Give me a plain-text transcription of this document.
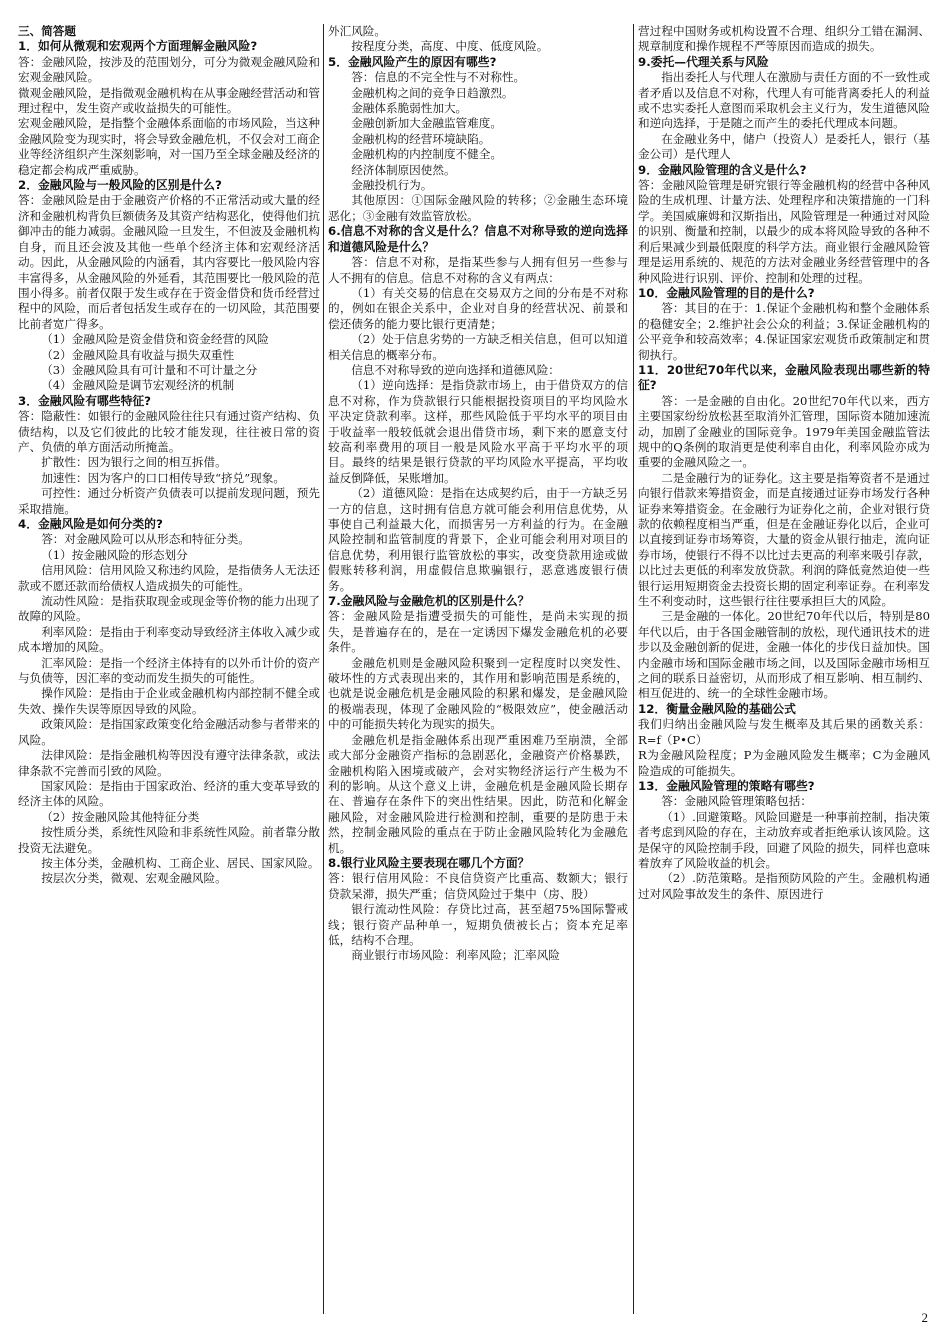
三、简答题

1．如何从微观和宏观两个方面理解金融风险?

答：金融风险，按涉及的范围划分，可分为微观金融风险和宏观金融风险。

微观金融风险，是指微观金融机构在从事金融经营活动和管理过程中，发生资产或收益损失的可能性。

宏观金融风险，是指整个金融体系面临的市场风险，当这种金融风险变为现实时，将会导致金融危机，不仅会对工商企业等经济组织产生深刻影响，对一国乃至全球金融及经济的稳定都会构成严重威胁。

2．金融风险与一般风险的区别是什么?

答：金融风险是由于金融资产价格的不正常活动或大量的经济和金融机构背负巨额债务及其资产结构恶化，使得他们抗御冲击的能力减弱。金融风险一旦发生，不但波及金融机构自身，而且还会波及其他一些单个经济主体和宏观经济活动。因此，从金融风险的内涵看，其内容要比一般风险内容丰富得多，从金融风险的外延看，其范围要比一般风险的范围小得多。前者仅限于发生或存在于资金借贷和货币经营过程中的风险，而后者包括发生或存在的一切风险，其范围要比前者宽广得多。

（1）金融风险是资金借贷和资金经营的风险

（2）金融风险具有收益与损失双重性

（3）金融风险具有可计量和不可计量之分

（4）金融风险是调节宏观经济的机制

3．金融风险有哪些特征?

答：隐蔽性：如银行的金融风险往往只有通过资产结构、负债结构，以及它们彼此的比较才能发现，往往被日常的资产、负债的单方面活动所掩盖。

扩散性：因为银行之间的相互拆借。

加速性：因为客户的口口相传导致“挤兑”现象。

可控性：通过分析资产负债表可以提前发现问题，预先采取措施。

4．金融风险是如何分类的?

答：对金融风险可以从形态和特征分类。

（1）按金融风险的形态划分

信用风险：信用风险又称违约风险，是指债务人无法还款或不愿还款而给债权人造成损失的可能性。

流动性风险：是指获取现金或现金等价物的能力出现了故障的风险。

利率风险：是指由于利率变动导致经济主体收入减少或成本增加的风险。

汇率风险：是指一个经济主体持有的以外币计价的资产与负债等，因汇率的变动而发生损失的可能性。

操作风险：是指由于企业或金融机构内部控制不健全或失效、操作失误等原因导致的风险。

政策风险：是指国家政策变化给金融活动参与者带来的风险。

法律风险：是指金融机构等因没有遵守法律条款，或法律条款不完善而引致的风险。

国家风险：是指由于国家政治、经济的重大变革导致的经济主体的风险。

（2）按金融风险其他特征分类

按性质分类，系统性风险和非系统性风险。前者靠分散投资无法避免。

按主体分类，金融机构、工商企业、居民、国家风险。

按层次分类，微观、宏观金融风险。

外汇风险。

按程度分类，高度、中度、低度风险。

5．金融风险产生的原因有哪些?

答：信息的不完全性与不对称性。

金融机构之间的竞争日趋激烈。

金融体系脆弱性加大。

金融创新加大金融监管难度。

金融机构的经营环境缺陷。

金融机构的内控制度不健全。

经济体制原因使然。

金融投机行为。

其他原因：①国际金融风险的转移；②金融生态环境恶化；③金融有效监管放松。

6.信息不对称的含义是什么？信息不对称导致的逆向选择和道德风险是什么？

答：信息不对称，是指某些参与人拥有但另一些参与人不拥有的信息。信息不对称的含义有两点：

（1）有关交易的信息在交易双方之间的分布是不对称的，例如在银企关系中，企业对自身的经营状况、前景和偿还债务的能力要比银行更清楚；

（2）处于信息劣势的一方缺乏相关信息，但可以知道相关信息的概率分布。

信息不对称导致的逆向选择和道德风险：

（1）逆向选择：是指贷款市场上，由于借贷双方的信息不对称，作为贷款银行只能根据投资项目的平均风险水平决定贷款利率。这样，那些风险低于平均水平的项目由于收益率一般较低就会退出借贷市场，剩下来的愿意支付较高利率费用的项目一般是风险水平高于平均水平的项目。最终的结果是银行贷款的平均风险水平提高，平均收益反倒降低，呆账增加。

（2）道德风险：是指在达成契约后，由于一方缺乏另一方的信息，这时拥有信息方就可能会利用信息优势，从事使自己利益最大化，而损害另一方利益的行为。在金融风险控制和监管制度的背景下，企业可能会利用对项目的信息优势，利用银行监管放松的事实，改变贷款用途或做假账转移利润，用虚假信息欺骗银行，恶意逃废银行债务。

7.金融风险与金融危机的区别是什么？

答：金融风险是指遭受损失的可能性，是尚未实现的损失，是普遍存在的，是在一定诱因下爆发金融危机的必要条件。

金融危机则是金融风险积聚到一定程度时以突发性、破坏性的方式表现出来的，其作用和影响范围是系统的，也就是说金融危机是金融风险的积累和爆发，是金融风险的极端表现，体现了金融风险的“极限效应”，使金融活动中的可能损失转化为现实的损失。

金融危机是指金融体系出现严重困难乃至崩溃，全部或大部分金融资产指标的急剧恶化，金融资产价格暴跌，金融机构陷入困境或破产，会对实物经济运行产生极为不利的影响。从这个意义上讲，金融危机是金融风险长期存在、普遍存在条件下的突出性结果。因此，防范和化解金融风险，对金融风险进行检测和控制，重要的是防患于未然，控制金融风险的重点在于防止金融风险转化为金融危机。

8.银行业风险主要表现在哪几个方面？

答：银行信用风险：不良信贷资产比重高、数额大；银行贷款呆滞，损失严重；信贷风险过于集中（房、股）

银行流动性风险：存贷比过高，甚至超75%国际警戒线；银行资产品种单一，短期负债被长占；资本充足率低，结构不合理。

商业银行市场风险：利率风险；汇率风险

营过程中国财务或机构设置不合理、组织分工错在漏洞、规章制度和操作规程不严等原因而造成的损失。

9.委托—代理关系与风险

指出委托人与代理人在激励与责任方面的不一致性或者矛盾以及信息不对称，代理人有可能背离委托人的利益或不忠实委托人意图而采取机会主义行为，发生道德风险和逆向选择，于是随之而产生的委托代理成本问题。

在金融业务中，储户（投资人）是委托人，银行（基金公司）是代理人

9．金融风险管理的含义是什么?

答：金融风险管理是研究银行等金融机构的经营中各种风险的生成机理、计量方法、处理程序和决策措施的一门科学。美国威廉姆和汉斯指出，风险管理是一种通过对风险的识别、衡量和控制，以最少的成本将风险导致的各种不利后果减少到最低限度的科学方法。商业银行金融风险管理是运用系统的、规范的方法对金融业务经营管理中的各种风险进行识别、评价、控制和处理的过程。

10．金融风险管理的目的是什么?

答：其目的在于：1.保证个金融机构和整个金融体系的稳健安全；2.维护社会公众的利益；3.保证金融机构的公平竞争和较高效率；4.保证国家宏观货币政策制定和贯彻执行。

11．20世纪70年代以来，金融风险表现出哪些新的特征?

答：一是金融的自由化。20世纪70年代以来，西方主要国家纷纷放松甚至取消外汇管理，国际资本随加速流动，加剧了金融业的国际竞争。1979年美国金融监管法规中的Q条例的取消更是使利率自由化，利率风险亦成为重要的金融风险之一。

二是金融行为的证券化。这主要是指筹资者不是通过向银行借款来筹措资金，而是直接通过证券市场发行各种证券来筹措资金。在金融行为证券化之前，企业对银行贷款的依赖程度相当严重，但是在金融证券化以后，企业可以直接到证券市场筹资，大量的资金从银行抽走，流向证券市场，使银行不得不以比过去更高的利率来吸引存款，以比过去更低的利率发放贷款。利润的降低竟然迫使一些银行运用短期资金去投资长期的固定利率证券。在利率发生不利变动时，这些银行往往要承担巨大的风险。

三是金融的一体化。20世纪70年代以后，特别是80年代以后，由于各国金融管制的放松，现代通讯技术的进步以及金融创新的促进，金融一体化的步伐日益加快。国内金融市场和国际金融市场之间，以及国际金融市场相互之间的联系日益密切，从而形成了相互影响、相互制约、相互促进的、统一的全球性金融市场。

12．衡量金融风险的基础公式

我们归纳出金融风险与发生概率及其后果的函数关系：R=f（P•C）

R为金融风险程度；P为金融风险发生概率；C为金融风险造成的可能损失。

13．金融风险管理的策略有哪些?

答：金融风险管理策略包括：

（1）.回避策略。风险回避是一种事前控制，指决策者考虑到风险的存在，主动放弃或者拒绝承认该风险。这是保守的风险控制手段，回避了风险的损失，同样也意味着放弃了风险收益的机会。

（2）.防范策略。是指预防风险的产生。金融机构通过对风险事故发生的条件、原因进行

2
